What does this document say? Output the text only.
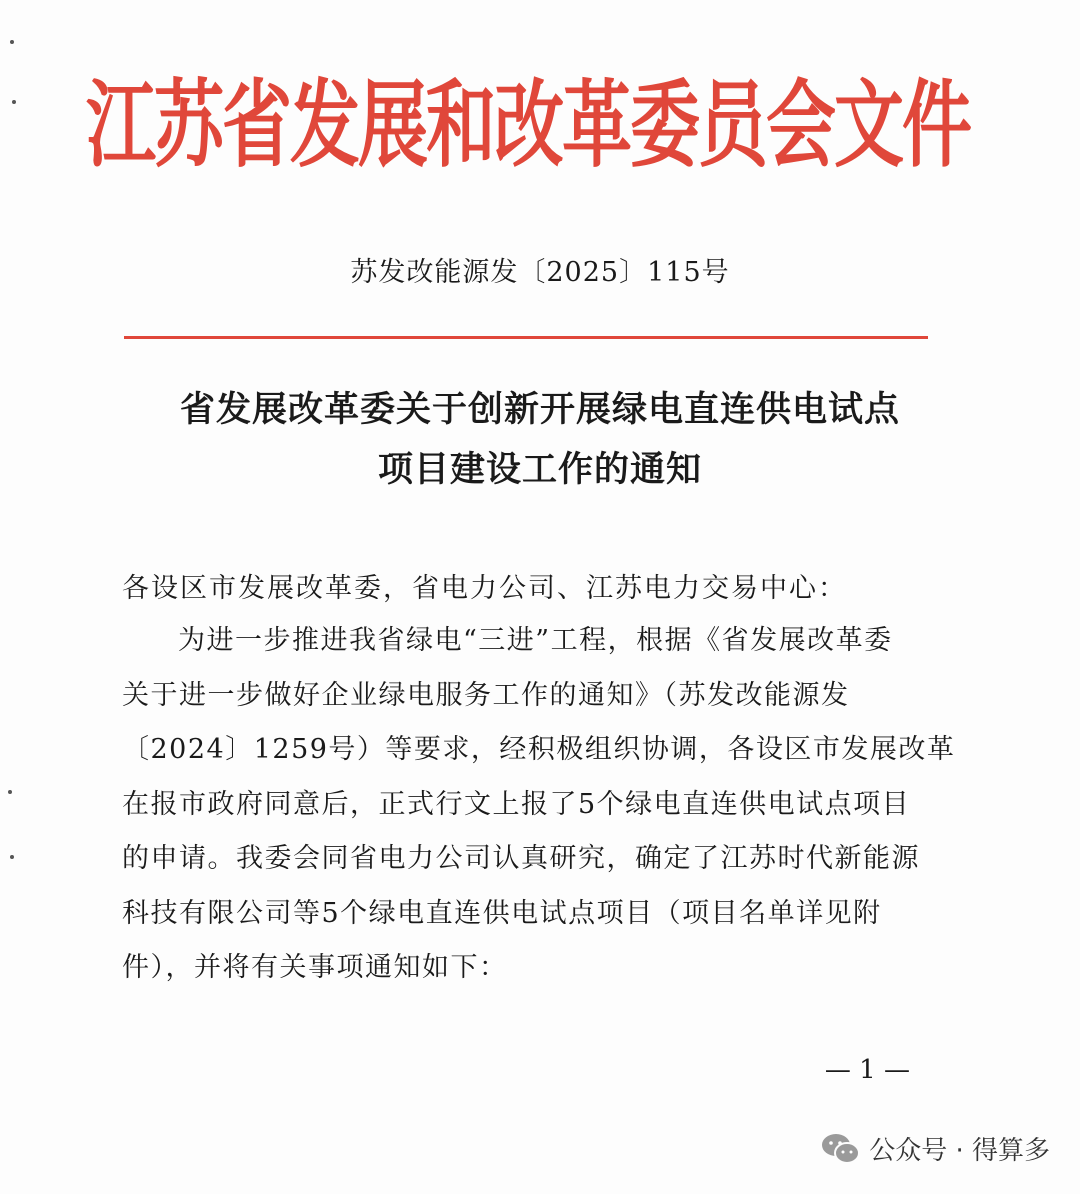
江苏省发展和改革委员会文件
苏发改能源发〔2025〕115号
省发展改革委关于创新开展绿电直连供电试点
项目建设工作的通知
各设区市发展改革委，省电力公司、江苏电力交易中心：
为进一步推进我省绿电“三进”工程，根据《省发展改革委
关于进一步做好企业绿电服务工作的通知》（苏发改能源发
〔2024〕1259号）等要求，经积极组织协调，各设区市发展改革
在报市政府同意后，正式行文上报了5个绿电直连供电试点项目
的申请。我委会同省电力公司认真研究，确定了江苏时代新能源
科技有限公司等5个绿电直连供电试点项目（项目名单详见附
件），并将有关事项通知如下：
— 1 —
公众号 · 得算多
